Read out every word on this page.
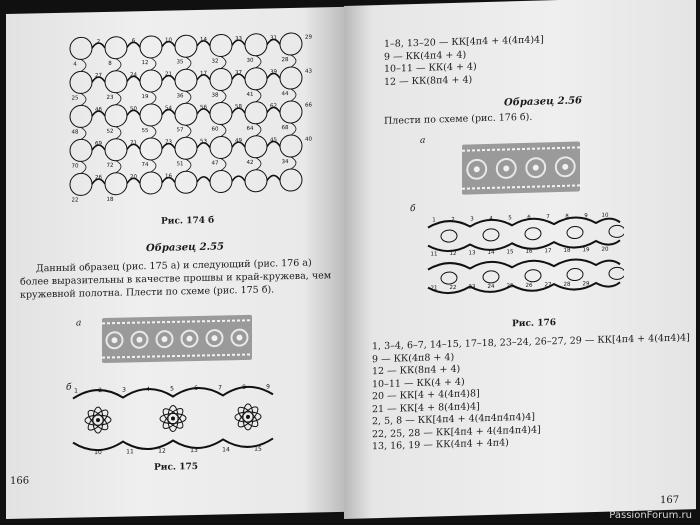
2
4
6
8
10
12
14
35
33
32
31
30
29
28
27
25
24
23
21
19
17
36
37
38
39
41
43
44
46
48
50
52
54
55
56
57
58
60
62
64
66
68
69
70
71
72
73
74
53
51
49
47
45
42
40
34
26
22
20
18
16
Рис. 174 б
Образец 2.55
Данный образец (рис. 175 а) и следующий (рис. 176 а) более выразительны в качестве прошвы и край-кружева, чем кружевной полотна. Плести по схеме (рис. 175 б).
а
б 1	2	3	4	5	6	7	8	9
10	11	12	13	14	15
Рис. 175
166
1–8, 13–20 — КК[4п4 + 4(4п4)4]
9 — КК(4п4 + 4)
10–11 — КК(4 + 4)
12 — КК(8п4 + 4)
Образец 2.56
Плести по схеме (рис. 176 б).
а
б
1	2	3	4	5	6	7	8	9	10
11 12 13 14 15 16 17 18 19 20
21 22 23 24 25 26 27 28 29
Рис. 176
1, 3–4, 6–7, 14–15, 17–18, 23–24, 26–27, 29 — КК[4п4 + 4(4п4)4]
9 — КК(4п8 + 4)
12 — КК(8п4 + 4)
10–11 — КК(4 + 4)
20 — КК[4 + 4(4п4)8]
21 — КК[4 + 8(4п4)4]
2, 5, 8 — КК[4п4 + 4(4п4п4п4)4]
22, 25, 28 — КК[4п4 + 4(4п4п4)4]
13, 16, 19 — КК(4п4 + 4п4)
167
PassionForum.ru
